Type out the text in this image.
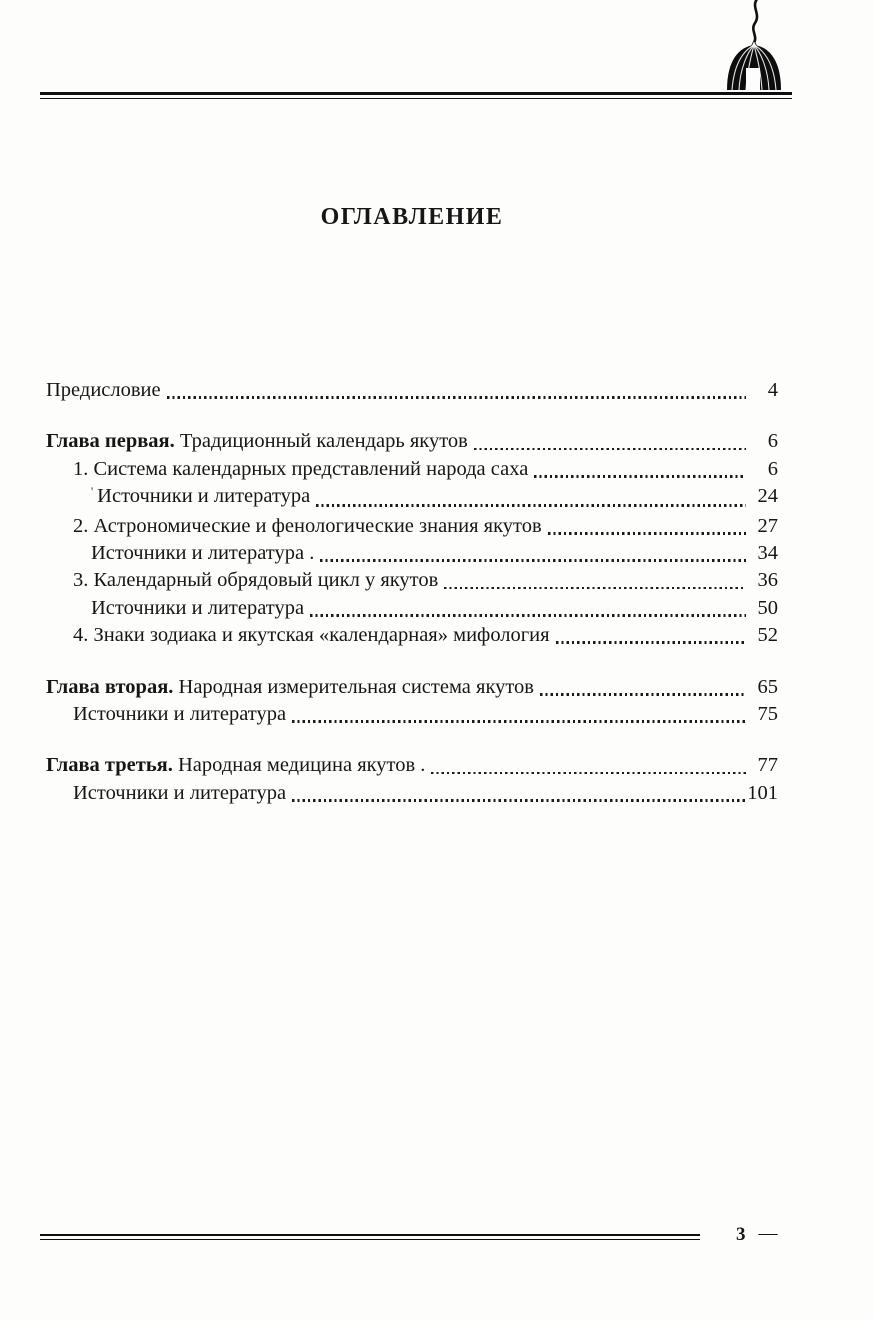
ОГЛАВЛЕНИЕ
Предисловие	4
Глава первая. Традиционный календарь якутов	6
1. Система календарных представлений народа саха	6
' Источники и литература	24
2. Астрономические и фенологические знания якутов	27
Источники и литература .	34
3. Календарный обрядовый цикл у якутов	36
Источники и литература	50
4. Знаки зодиака и якутская «календарная» мифология	52
Глава вторая. Народная измерительная система якутов	65
Источники и литература	75
Глава третья. Народная медицина якутов .	77
Источники и литература	101
3 —
